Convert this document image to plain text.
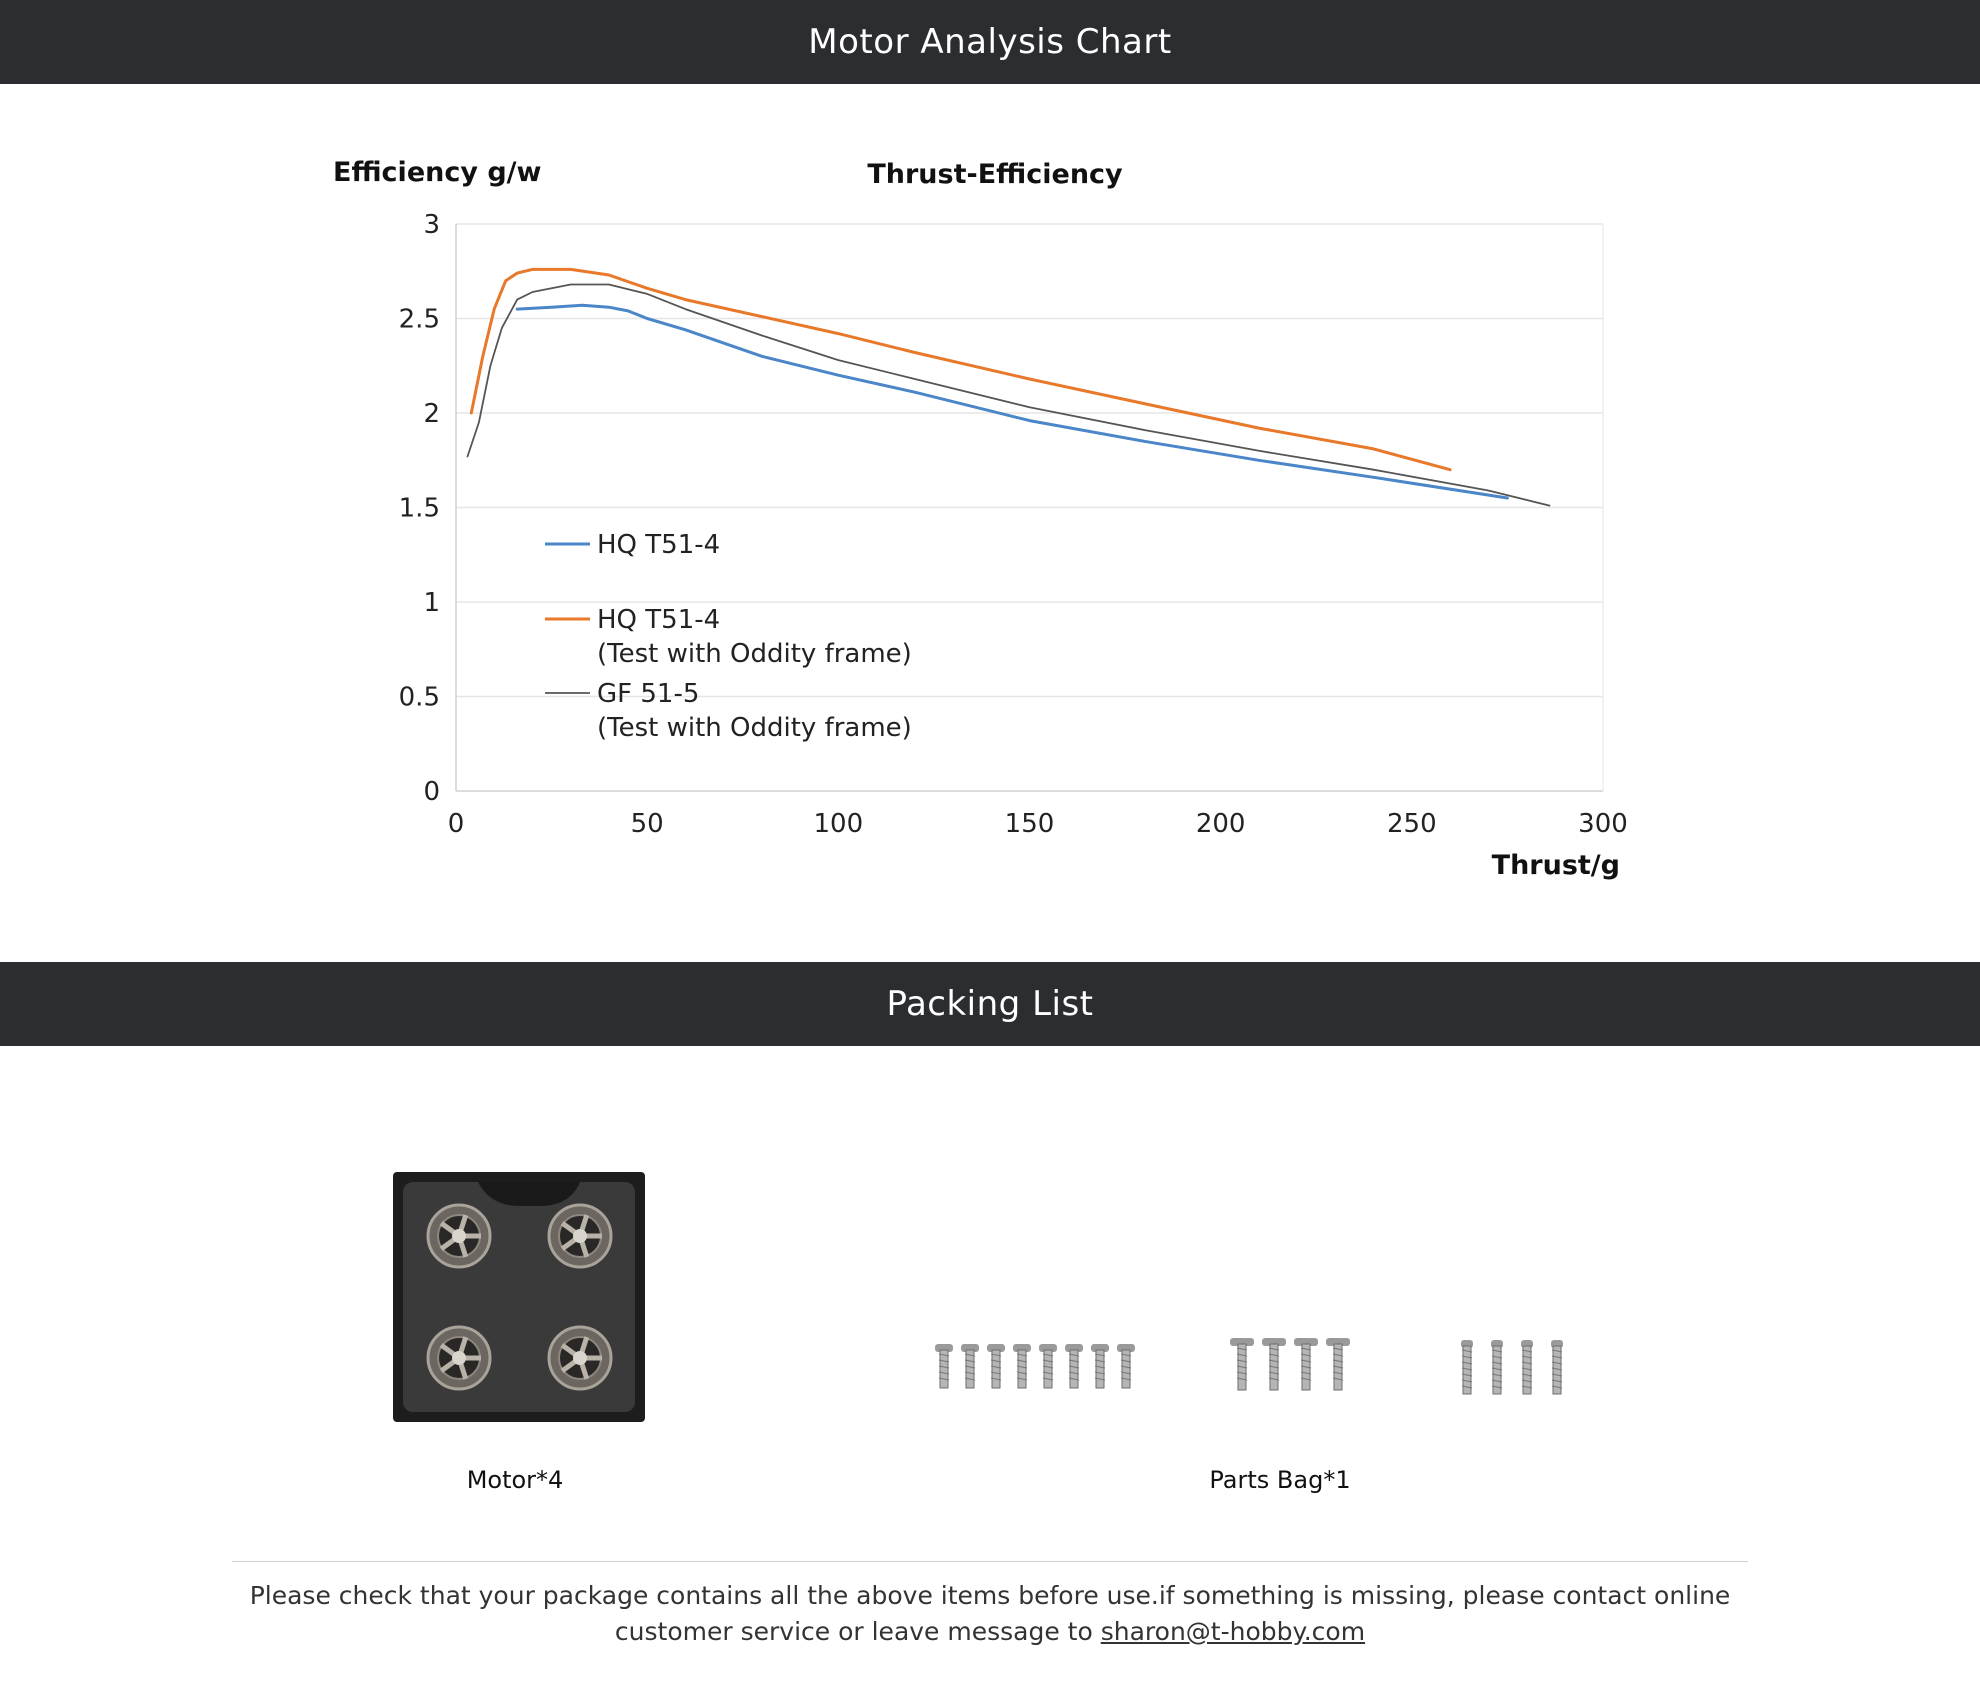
Motor Analysis Chart
0
0.5
1
1.5
2
2.5
3
0	50	100	150	200	250	300
HQ T51-4
HQ T51-4
(Test with Oddity frame)
GF 51-5
(Test with Oddity frame)
Efficiency g/w	Thrust-Efficiency
Thrust/g
Packing List
Motor*4	Parts Bag*1
Please check that your package contains all the above items before use.if something is missing, please contact online customer service or leave message to sharon@t-hobby.com
